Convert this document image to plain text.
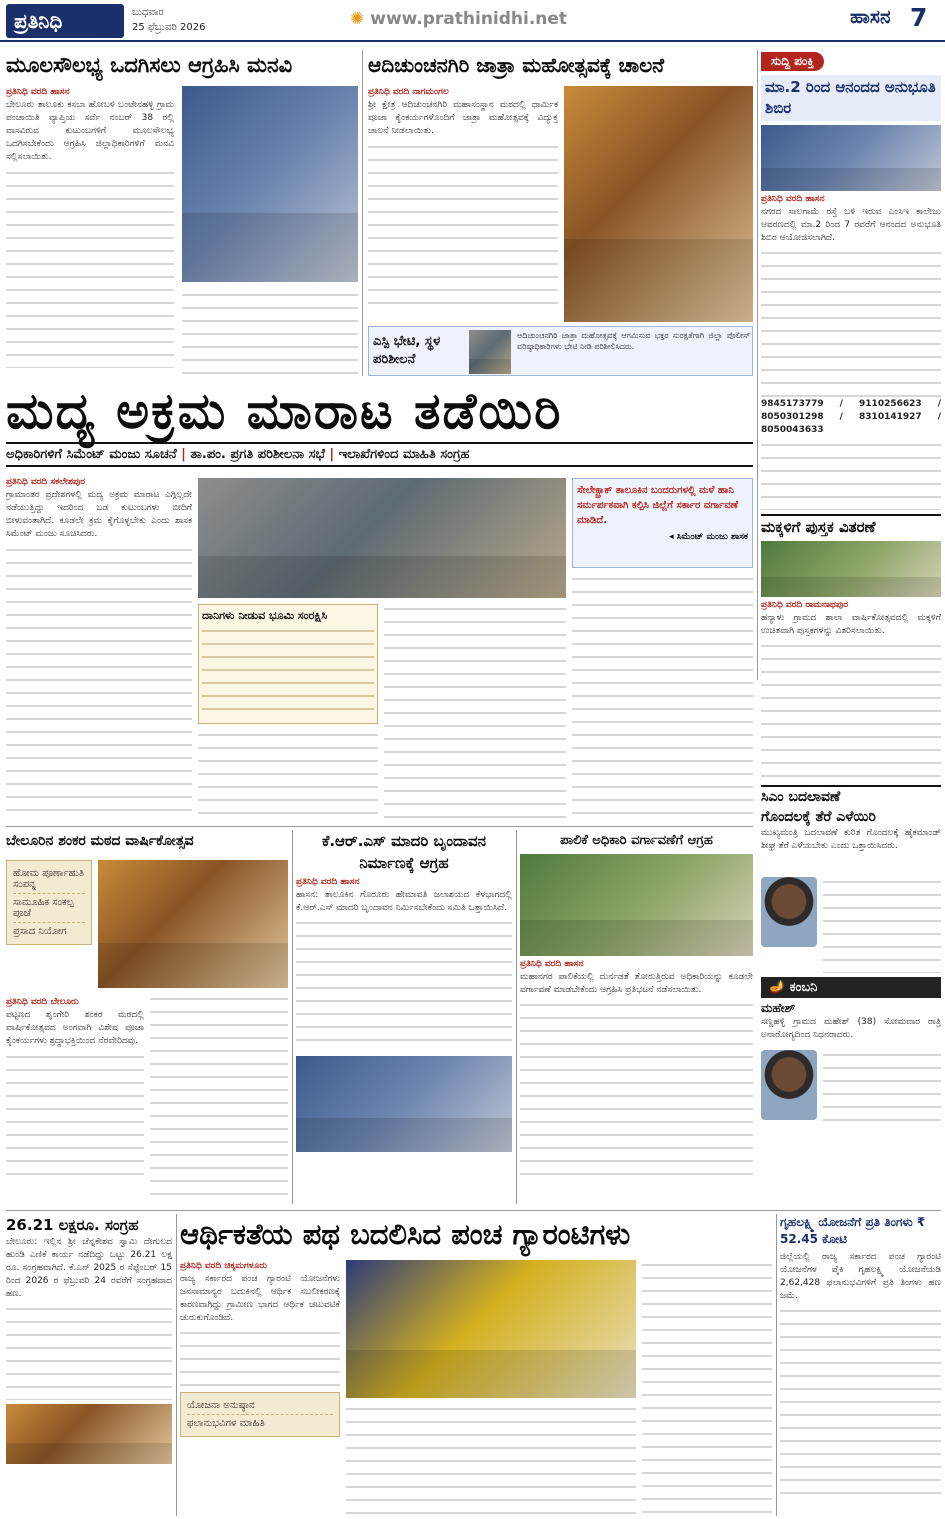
ಪ್ರತಿನಿಧಿ	ಬುಧವಾರ
25 ಫೆಬ್ರುವರಿ 2026	✺ www.prathinidhi.net	ಹಾಸನ 7
ಮೂಲಸೌಲಭ್ಯ ಒದಗಿಸಲು ಆಗ್ರಹಿಸಿ ಮನವಿ
ಪ್ರತಿನಿಧಿ ವರದಿ ಹಾಸನ
ಬೇಲೂರು ತಾಲೂಕು ಕಸಬಾ ಹೋಬಳಿ ಬಂಟೇನಹಳ್ಳಿ ಗ್ರಾಮ ಪಂಚಾಯಿತಿ ವ್ಯಾಪ್ತಿಯ ಸರ್ವೆ ನಂಬರ್ 38 ರಲ್ಲಿ ವಾಸವಿರುವ ಕುಟುಂಬಗಳಿಗೆ ಮೂಲಸೌಲಭ್ಯ ಒದಗಿಸಬೇಕೆಂದು ಆಗ್ರಹಿಸಿ ಜಿಲ್ಲಾಧಿಕಾರಿಗಳಿಗೆ ಮನವಿ ಸಲ್ಲಿಸಲಾಯಿತು.
ಆದಿಚುಂಚನಗಿರಿ ಜಾತ್ರಾ ಮಹೋತ್ಸವಕ್ಕೆ ಚಾಲನೆ
ಪ್ರತಿನಿಧಿ ವರದಿ ನಾಗಮಂಗಲ
ಶ್ರೀ ಕ್ಷೇತ್ರ ಆದಿಚುಂಚನಗಿರಿ ಮಹಾಸಂಸ್ಥಾನ ಮಠದಲ್ಲಿ ಧಾರ್ಮಿಕ ಪೂಜಾ ಕೈಂಕರ್ಯಗಳೊಂದಿಗೆ ಜಾತ್ರಾ ಮಹೋತ್ಸವಕ್ಕೆ ವಿದ್ಯುಕ್ತ ಚಾಲನೆ ನೀಡಲಾಯಿತು.
ಎಸ್ಪಿ ಭೇಟಿ, ಸ್ಥಳ ಪರಿಶೀಲನೆ
ಆದಿಚುಂಚನಗಿರಿ ಜಾತ್ರಾ ಮಹೋತ್ಸವಕ್ಕೆ ಆಗಮಿಸುವ ಭಕ್ತರ ಸುರಕ್ಷತೆಗಾಗಿ ಜಿಲ್ಲಾ ಪೊಲೀಸ್ ವರಿಷ್ಠಾಧಿಕಾರಿಗಳು ಭೇಟಿ ನೀಡಿ ಪರಿಶೀಲಿಸಿದರು.
ಸುದ್ದಿ ಪಂಕ್ತಿ
ಮಾ.2 ರಿಂದ ಆನಂದದ ಅನುಭೂತಿ ಶಿಬಿರ
ಪ್ರತಿನಿಧಿ ವರದಿ ಹಾಸನ
ನಗರದ ಸಾಲಗಾಮೆ ರಸ್ತೆ ಬಳಿ ಇರುವ ಎಂಸಿಇ ಕಾಲೇಜು ಆವರಣದಲ್ಲಿ ಮಾ.2 ರಿಂದ 7 ರವರೆಗೆ ಆನಂದದ ಅನುಭೂತಿ ಶಿಬಿರ ಆಯೋಜಿಸಲಾಗಿದೆ.
9845173779 / 9110256623 / 8050301298 / 8310141927 / 8050043633
ಮಕ್ಕಳಿಗೆ ಪುಸ್ತಕ ವಿತರಣೆ
ಪ್ರತಿನಿಧಿ ವರದಿ ರಾಮನಾಥಪುರ
ಹನ್ಯಾಳು ಗ್ರಾಮದ ಶಾಲಾ ವಾರ್ಷಿಕೋತ್ಸವದಲ್ಲಿ ಮಕ್ಕಳಿಗೆ ಉಚಿತವಾಗಿ ಪುಸ್ತಕಗಳನ್ನು ವಿತರಿಸಲಾಯಿತು.
ಸಿಎಂ ಬದಲಾವಣೆ
ಗೊಂದಲಕ್ಕೆ ತೆರೆ ಎಳೆಯಿರಿ
ಮುಖ್ಯಮಂತ್ರಿ ಬದಲಾವಣೆ ಕುರಿತ ಗೊಂದಲಕ್ಕೆ ಹೈಕಮಾಂಡ್ ಶೀಘ್ರ ತೆರೆ ಎಳೆಯಬೇಕು ಎಂದು ಒತ್ತಾಯಿಸಿದರು.
🪔 ಕಂಬನಿ
ಮಹೇಶ್
ಸಣ್ಣಹಳ್ಳಿ ಗ್ರಾಮದ ಮಹೇಶ್ (38) ಸೋಮವಾರ ರಾತ್ರಿ ಅನಾರೋಗ್ಯದಿಂದ ನಿಧನರಾದರು.
ಮದ್ಯ ಅಕ್ರಮ ಮಾರಾಟ ತಡೆಯಿರಿ
ಅಧಿಕಾರಿಗಳಿಗೆ ಸಿಮೆಂಟ್ ಮಂಜು ಸೂಚನೆ | ತಾ.ಪಂ. ಪ್ರಗತಿ ಪರಿಶೀಲನಾ ಸಭೆ | ಇಲಾಖೆಗಳಿಂದ ಮಾಹಿತಿ ಸಂಗ್ರಹ
ಪ್ರತಿನಿಧಿ ವರದಿ ಸಕಲೇಶಪುರ
ಗ್ರಾಮಾಂತರ ಪ್ರದೇಶಗಳಲ್ಲಿ ಮದ್ಯ ಅಕ್ರಮ ಮಾರಾಟ ಎಗ್ಗಿಲ್ಲದೇ ನಡೆಯುತ್ತಿದ್ದು ಇದರಿಂದ ಬಡ ಕುಟುಂಬಗಳು ಬೀದಿಗೆ ಬೀಳುವಂತಾಗಿದೆ. ಕೂಡಲೇ ಕ್ರಮ ಕೈಗೊಳ್ಳಬೇಕು ಎಂದು ಶಾಸಕ ಸಿಮೆಂಟ್ ಮಂಜು ಸೂಚಿಸಿದರು.
ಸೇಲೇಕ್ಟ್ರಾಕ್ ತಾಲೂಕಿನ ಬಂದರುಗಳಲ್ಲಿ ಮಳೆ ಹಾನಿ ಸರ್ಮರ್ಪಕವಾಗಿ ಕಲ್ಪಿಸಿ ಜಿಲ್ಲೆಗೆ ಸರ್ಕಾರ ವರ್ಗಾವಣೆ ಮಾಡಿದೆ.
◂ ಸಿಮೆಂಟ್ ಮಂಜು ಶಾಸಕ
ದಾನಿಗಳು ನೀಡುವ ಭೂಮಿ ಸಂರಕ್ಷಿಸಿ
ಬೇಲೂರಿನ ಶಂಕರ ಮಠದ ವಾರ್ಷಿಕೋತ್ಸವ
ಹೋಮ ಪೂರ್ಣಾಹುತಿ ಸಂಪನ್ನ
ಸಾಮೂಹಿಕ ಸಂಕಲ್ಪ ಪೂಜೆ
ಪ್ರಸಾದ ನಿಯೋಗ
ಪ್ರತಿನಿಧಿ ವರದಿ ಬೇಲೂರು
ಪಟ್ಟಣದ ಶೃಂಗೇರಿ ಶಂಕರ ಮಠದಲ್ಲಿ ವಾರ್ಷಿಕೋತ್ಸವದ ಅಂಗವಾಗಿ ವಿಶೇಷ ಪೂಜಾ ಕೈಂಕರ್ಯಗಳು ಶ್ರದ್ಧಾಭಕ್ತಿಯಿಂದ ನೆರವೇರಿದವು.
ಕೆ.ಆರ್.ಎಸ್ ಮಾದರಿ ಬೃಂದಾವನ ನಿರ್ಮಾಣಕ್ಕೆ ಆಗ್ರಹ
ಪ್ರತಿನಿಧಿ ವರದಿ ಹಾಸನ
ಹಾಸನ: ತಾಲೂಕಿನ ಗೊರೂರು ಹೇಮಾವತಿ ಜಲಾಶಯದ ಕೆಳಭಾಗದಲ್ಲಿ ಕೆ.ಆರ್.ಎಸ್ ಮಾದರಿ ಬೃಂದಾವನ ನಿರ್ಮಿಸಬೇಕೆಂದು ಸಮಿತಿ ಒತ್ತಾಯಿಸಿದೆ.
ಪಾಲಿಕೆ ಅಧಿಕಾರಿ ವರ್ಗಾವಣೆಗೆ ಆಗ್ರಹ
ಪ್ರತಿನಿಧಿ ವರದಿ ಹಾಸನ
ಮಹಾನಗರ ಪಾಲಿಕೆಯಲ್ಲಿ ದುರ್ನಡತೆ ತೋರುತ್ತಿರುವ ಅಧಿಕಾರಿಯನ್ನು ಕೂಡಲೇ ವರ್ಗಾವಣೆ ಮಾಡಬೇಕೆಂದು ಆಗ್ರಹಿಸಿ ಪ್ರತಿಭಟನೆ ನಡೆಸಲಾಯಿತು.
26.21 ಲಕ್ಷರೂ. ಸಂಗ್ರಹ
ಬೇಲೂರು: ಇಲ್ಲಿನ ಶ್ರೀ ಚೆನ್ನಕೇಶವ ಸ್ವಾಮಿ ದೇಗುಲದ ಹುಂಡಿ ಎಣಿಕೆ ಕಾರ್ಯ ನಡೆದಿದ್ದು ಒಟ್ಟು 26.21 ಲಕ್ಷ ರೂ. ಸಂಗ್ರಹವಾಗಿದೆ. ಕೆ.ಎನ್ 2025 ರ ಸೆಪ್ಟೆಂಬರ್ 15 ರಿಂದ 2026 ರ ಫೆಬ್ರುವರಿ 24 ರವರೆಗೆ ಸಂಗ್ರಹವಾದ ಹಣ.
ಆರ್ಥಿಕತೆಯ ಪಥ ಬದಲಿಸಿದ ಪಂಚ ಗ್ಯಾರಂಟಿಗಳು
ಪ್ರತಿನಿಧಿ ವರದಿ ಚಿಕ್ಕಮಗಳೂರು
ರಾಜ್ಯ ಸರ್ಕಾರದ ಪಂಚ ಗ್ಯಾರಂಟಿ ಯೋಜನೆಗಳು ಜನಸಾಮಾನ್ಯರ ಬದುಕಿನಲ್ಲಿ ಆರ್ಥಿಕ ಸಬಲೀಕರಣಕ್ಕೆ ಕಾರಣವಾಗಿದ್ದು ಗ್ರಾಮೀಣ ಭಾಗದ ಆರ್ಥಿಕ ಚಟುವಟಿಕೆ ಚುರುಕುಗೊಂಡಿದೆ.
ಯೋಜನಾ ಅನುಷ್ಠಾನ
ಫಲಾನುಭವಿಗಳ ಮಾಹಿತಿ
ಗೃಹಲಕ್ಷ್ಮಿ ಯೋಜನೆಗೆ ಪ್ರತಿ ತಿಂಗಳು ₹ 52.45 ಕೋಟಿ
ಜಿಲ್ಲೆಯಲ್ಲಿ ರಾಜ್ಯ ಸರ್ಕಾರದ ಪಂಚ ಗ್ಯಾರಂಟಿ ಯೋಜನೆಗಳ ಪೈಕಿ ಗೃಹಲಕ್ಷ್ಮಿ ಯೋಜನೆಯಡಿ 2,62,428 ಫಲಾನುಭವಿಗಳಿಗೆ ಪ್ರತಿ ತಿಂಗಳು ಹಣ ಜಮೆ.
